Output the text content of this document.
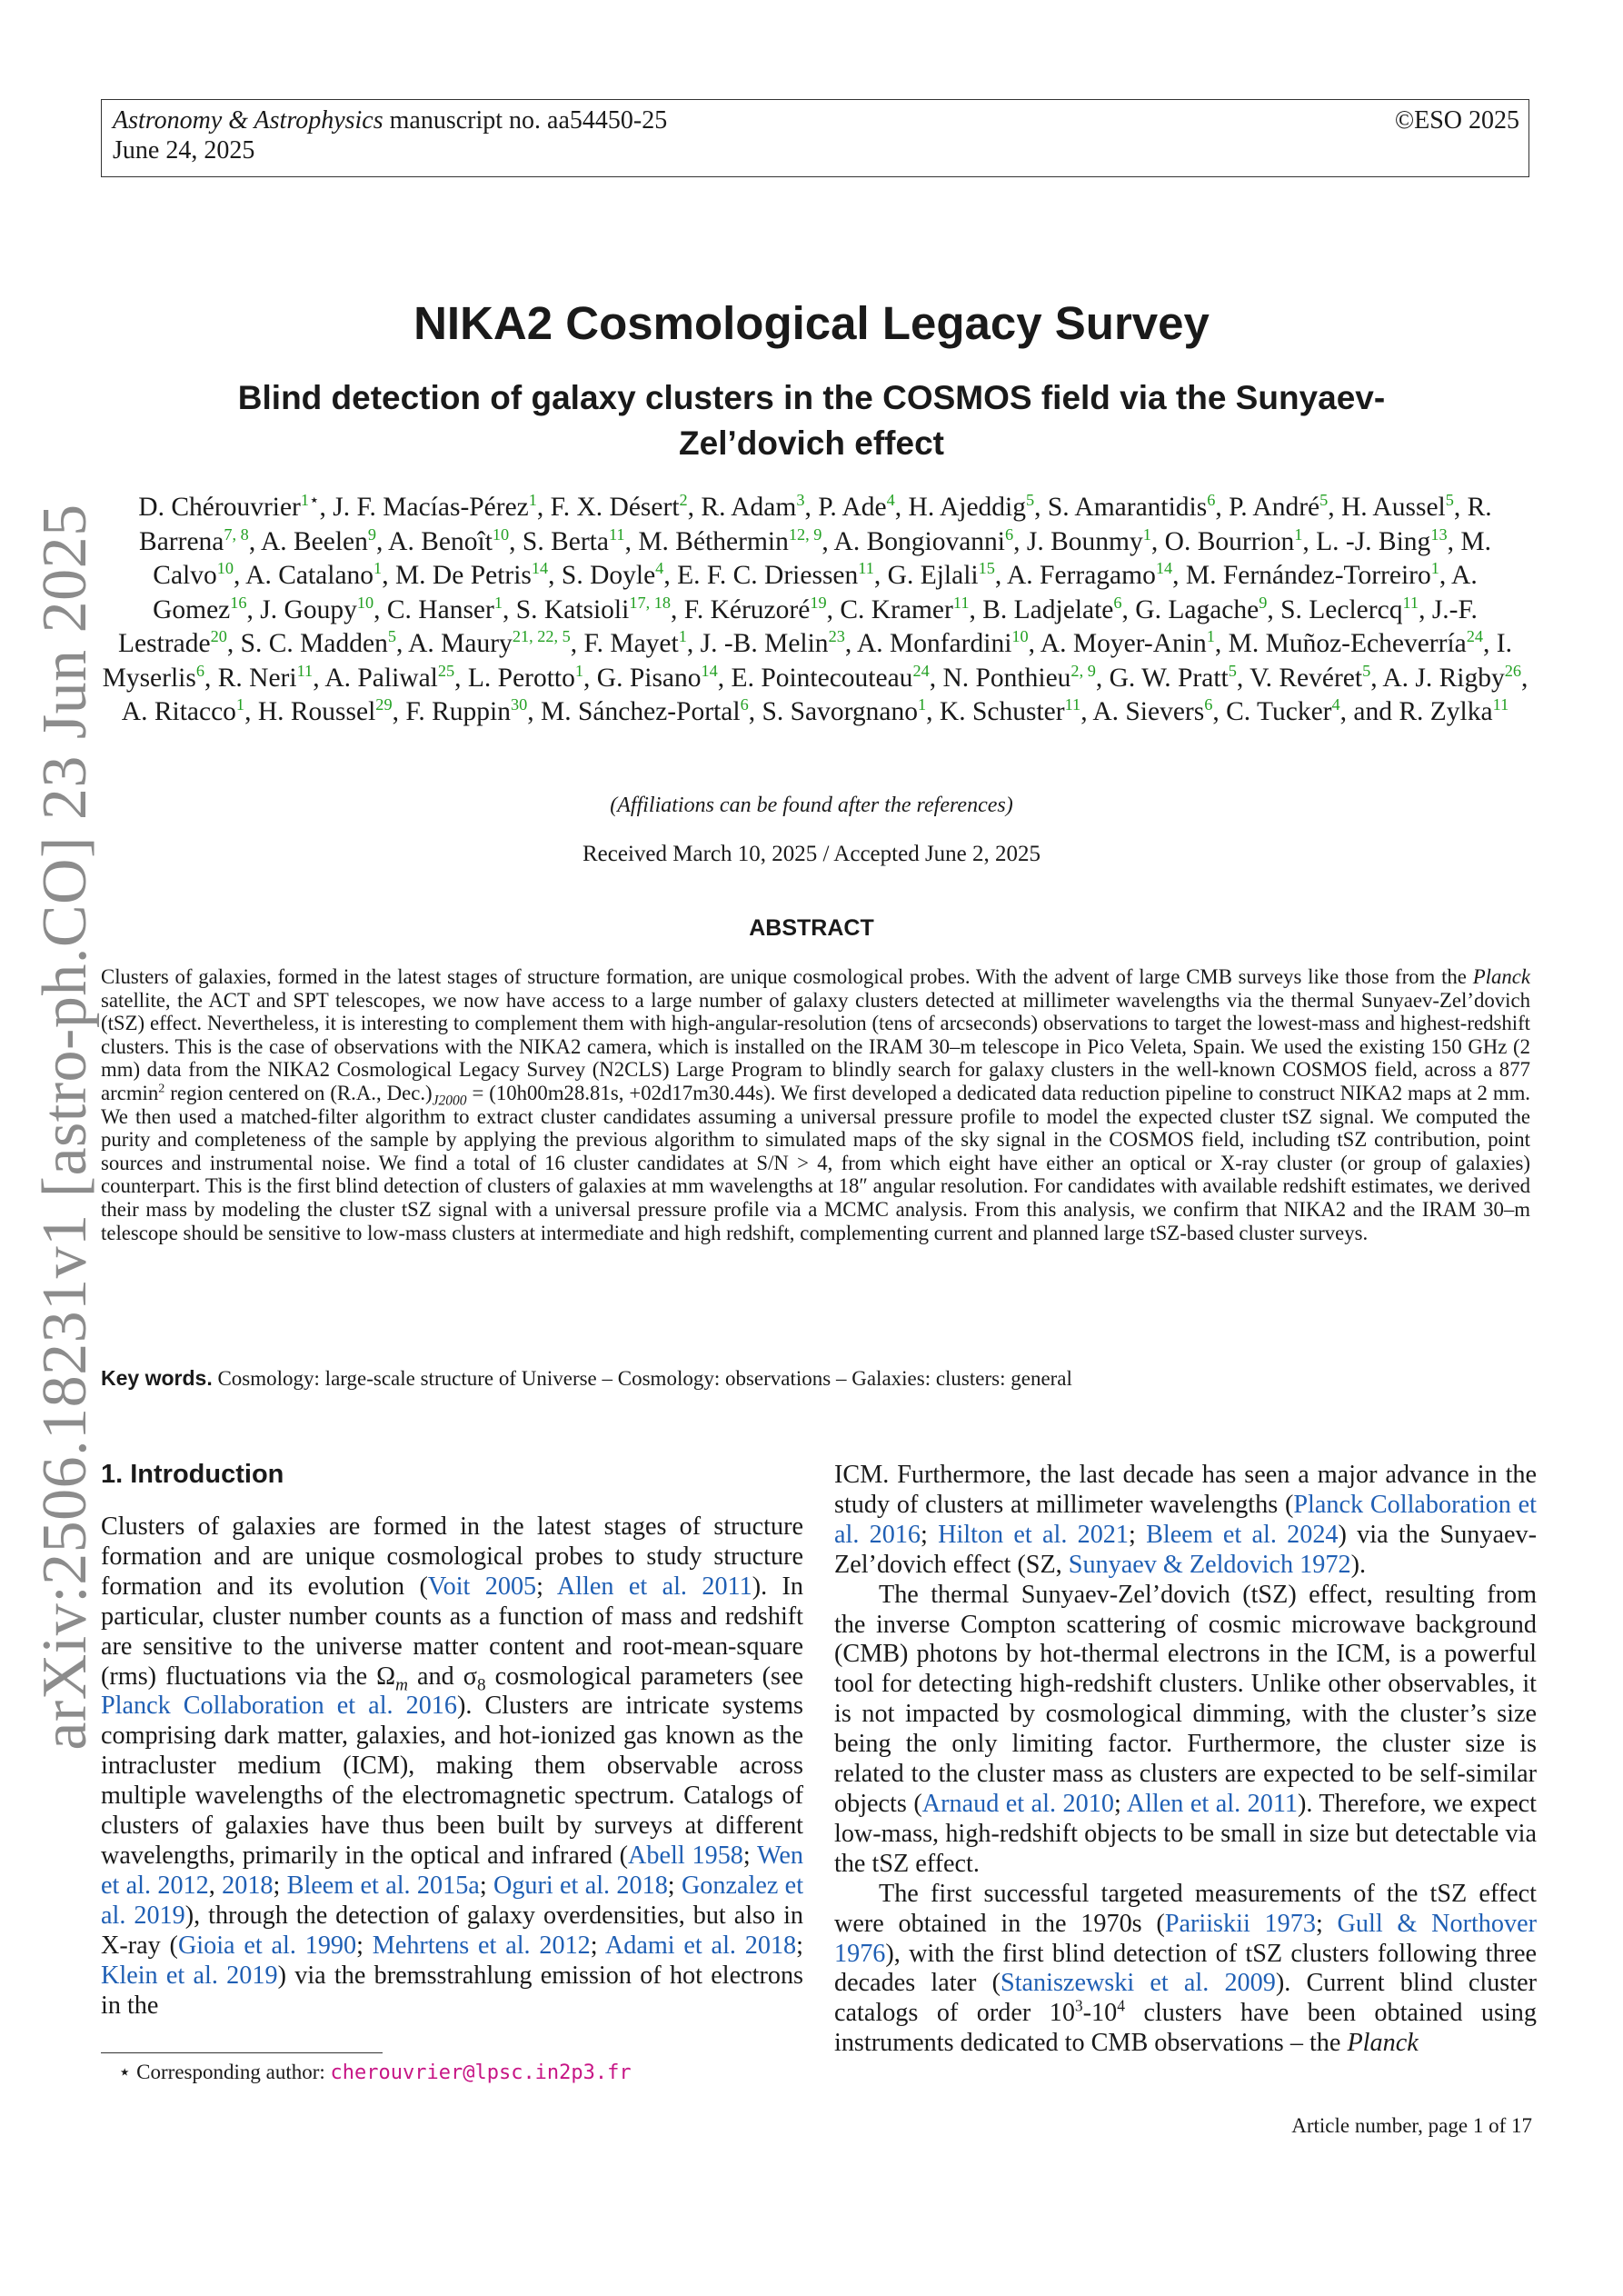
Astronomy & Astrophysics manuscript no. aa54450-25
June 24, 2025
©ESO 2025
arXiv:2506.18231v1 [astro-ph.CO] 23 Jun 2025
NIKA2 Cosmological Legacy Survey
Blind detection of galaxy clusters in the COSMOS field via the Sunyaev-Zel’dovich effect
D. Chérouvrier$^{1⋆}$, J. F. Macías-Pérez$^1$, F. X. Désert$^2$, R. Adam$^3$, P. Ade$^4$, H. Ajeddig$^5$, S. Amarantidis$^6$, P. André$^5$, H. Aussel$^5$, R. Barrena$^{7, 8}$, A. Beelen$^9$, A. Benoît$^{10}$, S. Berta$^{11}$, M. Béthermin$^{12, 9}$, A. Bongiovanni$^6$, J. Bounmy$^1$, O. Bourrion$^1$, L. -J. Bing$^{13}$, M. Calvo$^{10}$, A. Catalano$^1$, M. De Petris$^{14}$, S. Doyle$^4$, E. F. C. Driessen$^{11}$, G. Ejlali$^{15}$, A. Ferragamo$^{14}$, M. Fernández-Torreiro$^1$, A. Gomez$^{16}$, J. Goupy$^{10}$, C. Hanser$^1$, S. Katsioli$^{17, 18}$, F. Kéruzoré$^{19}$, C. Kramer$^{11}$, B. Ladjelate$^6$, G. Lagache$^9$, S. Leclercq$^{11}$, J.-F. Lestrade$^{20}$, S. C. Madden$^5$, A. Maury$^{21, 22, 5}$, F. Mayet$^1$, J. -B. Melin$^{23}$, A. Monfardini$^{10}$, A. Moyer-Anin$^1$, M. Muñoz-Echeverría$^{24}$, I. Myserlis$^6$, R. Neri$^{11}$, A. Paliwal$^{25}$, L. Perotto$^1$, G. Pisano$^{14}$, E. Pointecouteau$^{24}$, N. Ponthieu$^{2, 9}$, G. W. Pratt$^5$, V. Revéret$^5$, A. J. Rigby$^{26}$, A. Ritacco$^1$, H. Roussel$^{29}$, F. Ruppin$^{30}$, M. Sánchez-Portal$^6$, S. Savorgnano$^1$, K. Schuster$^{11}$, A. Sievers$^6$, C. Tucker$^4$, and R. Zylka$^{11}$
(Affiliations can be found after the references)
Received March 10, 2025 / Accepted June 2, 2025
ABSTRACT
Clusters of galaxies, formed in the latest stages of structure formation, are unique cosmological probes. With the advent of large CMB surveys like those from the Planck satellite, the ACT and SPT telescopes, we now have access to a large number of galaxy clusters detected at millimeter wavelengths via the thermal Sunyaev-Zel’dovich (tSZ) effect. Nevertheless, it is interesting to complement them with high-angular-resolution (tens of arcseconds) observations to target the lowest-mass and highest-redshift clusters. This is the case of observations with the NIKA2 camera, which is installed on the IRAM 30–m telescope in Pico Veleta, Spain. We used the existing 150 GHz (2 mm) data from the NIKA2 Cosmological Legacy Survey (N2CLS) Large Program to blindly search for galaxy clusters in the well-known COSMOS field, across a 877 arcmin$^2$ region centered on (R.A., $Dec.)_{J2000} = (10h00m28.81s$, +02d17m30.44s). We first developed a dedicated data reduction pipeline to construct NIKA2 maps at 2 mm. We then used a matched-filter algorithm to extract cluster candidates assuming a universal pressure profile to model the expected cluster tSZ signal. We computed the purity and completeness of the sample by applying the previous algorithm to simulated maps of the sky signal in the COSMOS field, including tSZ contribution, point sources and instrumental noise. We find a total of 16 cluster candidates at S/N > 4, from which eight have either an optical or X-ray cluster (or group of galaxies) counterpart. This is the first blind detection of clusters of galaxies at mm wavelengths at 18″ angular resolution. For candidates with available redshift estimates, we derived their mass by modeling the cluster tSZ signal with a universal pressure profile via a MCMC analysis. From this analysis, we confirm that NIKA2 and the IRAM 30–m telescope should be sensitive to low-mass clusters at intermediate and high redshift, complementing current and planned large tSZ-based cluster surveys.
Key words. Cosmology: large-scale structure of Universe – Cosmology: observations – Galaxies: clusters: general
1. Introduction

Clusters of galaxies are formed in the latest stages of structure formation and are unique cosmological probes to study structure formation and its evolution (Voit 2005; Allen et al. 2011). In particular, cluster number counts as a function of mass and redshift are sensitive to the universe matter content and root-mean-square (rms) fluctuations via the $\Omega_m$ and $\sigma_8$ cosmological parameters (see Planck Collaboration et al. 2016). Clusters are intricate systems comprising dark matter, galaxies, and hot-ionized gas known as the intracluster medium (ICM), making them observable across multiple wavelengths of the electromagnetic spectrum. Catalogs of clusters of galaxies have thus been built by surveys at different wavelengths, primarily in the optical and infrared (Abell 1958; Wen et al. 2012, 2018; Bleem et al. 2015a; Oguri et al. 2018; Gonzalez et al. 2019), through the detection of galaxy overdensities, but also in X-ray (Gioia et al. 1990; Mehrtens et al. 2012; Adami et al. 2018; Klein et al. 2019) via the bremsstrahlung emission of hot electrons in the

ICM. Furthermore, the last decade has seen a major advance in the study of clusters at millimeter wavelengths (Planck Collaboration et al. 2016; Hilton et al. 2021; Bleem et al. 2024) via the Sunyaev-Zel’dovich effect (SZ, Sunyaev & Zeldovich 1972).

The thermal Sunyaev-Zel’dovich (tSZ) effect, resulting from the inverse Compton scattering of cosmic microwave background (CMB) photons by hot-thermal electrons in the ICM, is a powerful tool for detecting high-redshift clusters. Unlike other observables, it is not impacted by cosmological dimming, with the cluster’s size being the only limiting factor. Furthermore, the cluster size is related to the cluster mass as clusters are expected to be self-similar objects (Arnaud et al. 2010; Allen et al. 2011). Therefore, we expect low-mass, high-redshift objects to be small in size but detectable via the tSZ effect.

The first successful targeted measurements of the tSZ effect were obtained in the 1970s (Pariiskii 1973; Gull & Northover 1976), with the first blind detection of tSZ clusters following three decades later (Staniszewski et al. 2009). Current blind cluster catalogs of order $10^3-10^4$ clusters have been obtained using instruments dedicated to CMB observations – the Planck

⋆ Corresponding author: cherouvrier@lpsc.in2p3.fr
Article number, page 1 of 17
